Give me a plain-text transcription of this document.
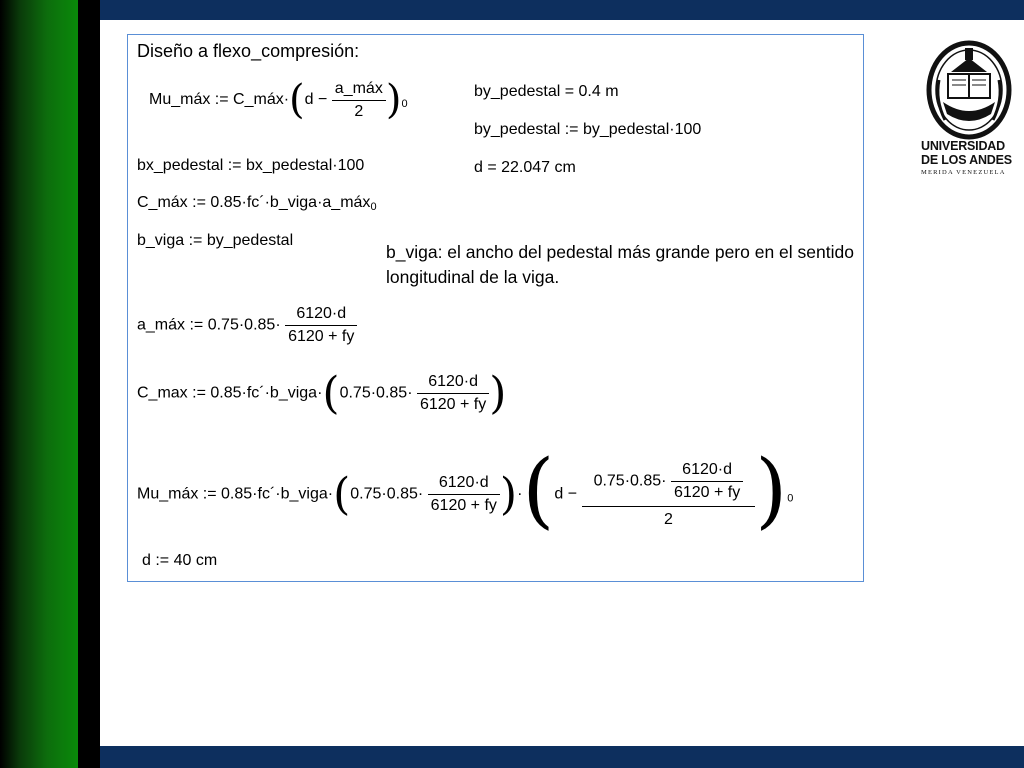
UNIVERSIDAD
DE LOS ANDES
MERIDA VENEZUELA
Diseño a flexo_compresión:
Mu_máx := C_máx·(d − $\frac{\text{a\_máx}}{2} )_0$
by_pedestal = 0.4 m
by_pedestal := by_pedestal·100
d = 22.047 cm
bx_pedestal := bx_pedestal·100
C_máx := 0.85·fc´·b_viga·a_máx$_0$
b_viga := by_pedestal
b_viga: el ancho del pedestal más grande pero en el sentido longitudinal de la viga.
a_máx := $0.75\cdot 0.85\cdot \frac{6120\cdot d}{6120 + fy}$
C_max := 0.85·fc´·b_viga·(0.75·0.85· $\frac{6120\cdot d}{6120 + fy}$ )
Mu_máx := 0.85·fc´·b_viga·(0.75·0.85· $\frac{6120\cdot d}{6120 + fy} )\cdot(d - \frac{0.75\cdot 0.85\cdot \frac{6120\cdot d}{6120 + fy}}{2} )_0$
d := 40 cm
